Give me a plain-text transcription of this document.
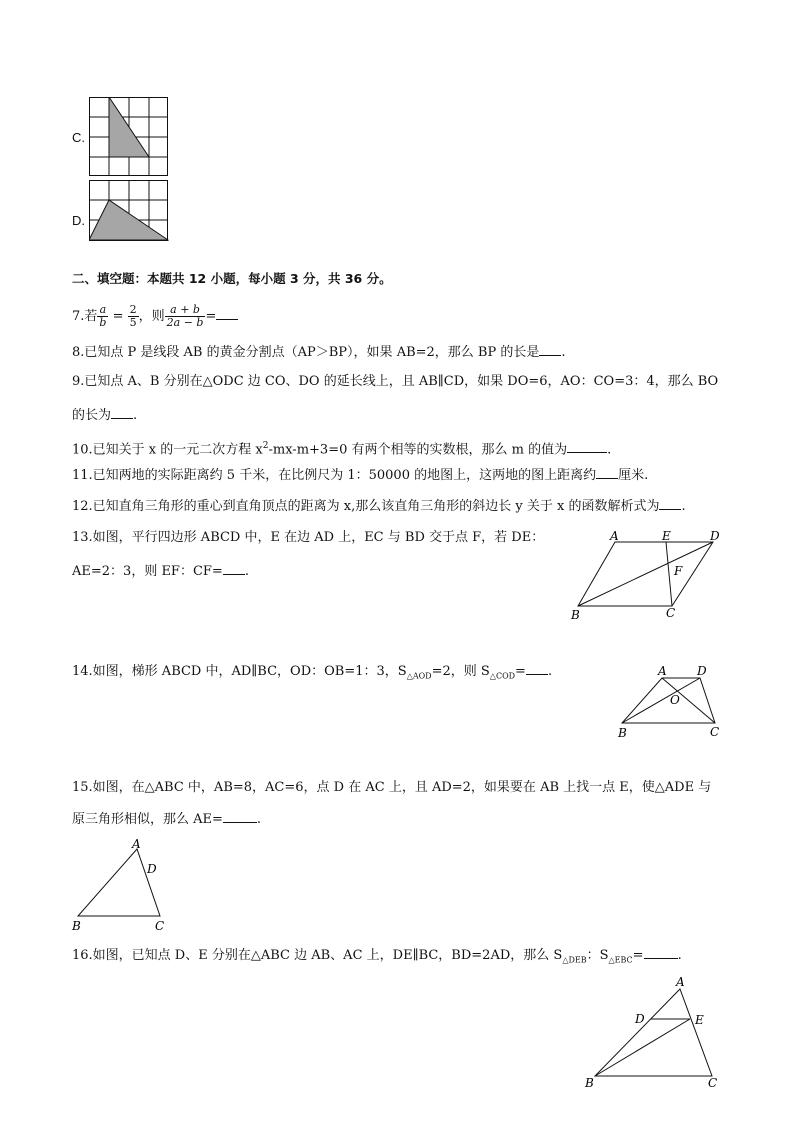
C.
D.
二、填空题：本题共 12 小题，每小题 3 分，共 36 分。
7.若 $\frac{a}{b} = \frac{2}{5}$ ，则 $\frac{a + b}{2a - b}$ =
8.已知点 P 是线段 AB 的黄金分割点（AP＞BP），如果 AB=2，那么 BP 的长是 .
9.已知点 A、B 分别在△ODC 边 CO、DO 的延长线上，且 AB∥CD，如果 DO=6，AO：CO=3：4，那么 BO
的长为 .
10.已知关于 x 的一元二次方程 $x^2-mx-m+3=0$ 有两个相等的实数根，那么 m 的值为	.
11.已知两地的实际距离约 5 千米，在比例尺为 1：50000 的地图上，这两地的图上距离约 厘米.
12.已知直角三角形的重心到直角顶点的距离为 x,那么该直角三角形的斜边长 y 关于 x 的函数解析式为 .
13.如图，平行四边形 ABCD 中，E 在边 AD 上，EC 与 BD 交于点 F，若 DE：
AE=2：3，则 EF：CF= .
A	E	D
F
B	C
14.如图，梯形 ABCD 中，AD∥BC，OD：OB=1：3，$S_{\triangle AOD}=2$，则 $S_{\triangle COD}=$ .	A	D
O
B	C
15.如图，在△ABC 中，AB=8，AC=6，点 D 在 AC 上，且 AD=2，如果要在 AB 上找一点 E，使△ADE 与
原三角形相似，那么 AE=	.
A
D
B	C
16.如图，已知点 D、E 分别在△ABC 边 AB、AC 上，DE∥BC，BD=2AD，那么 $S_{\triangle DEB}$：$S_{\triangle EBC}=$	.
A
D	E
B	C
